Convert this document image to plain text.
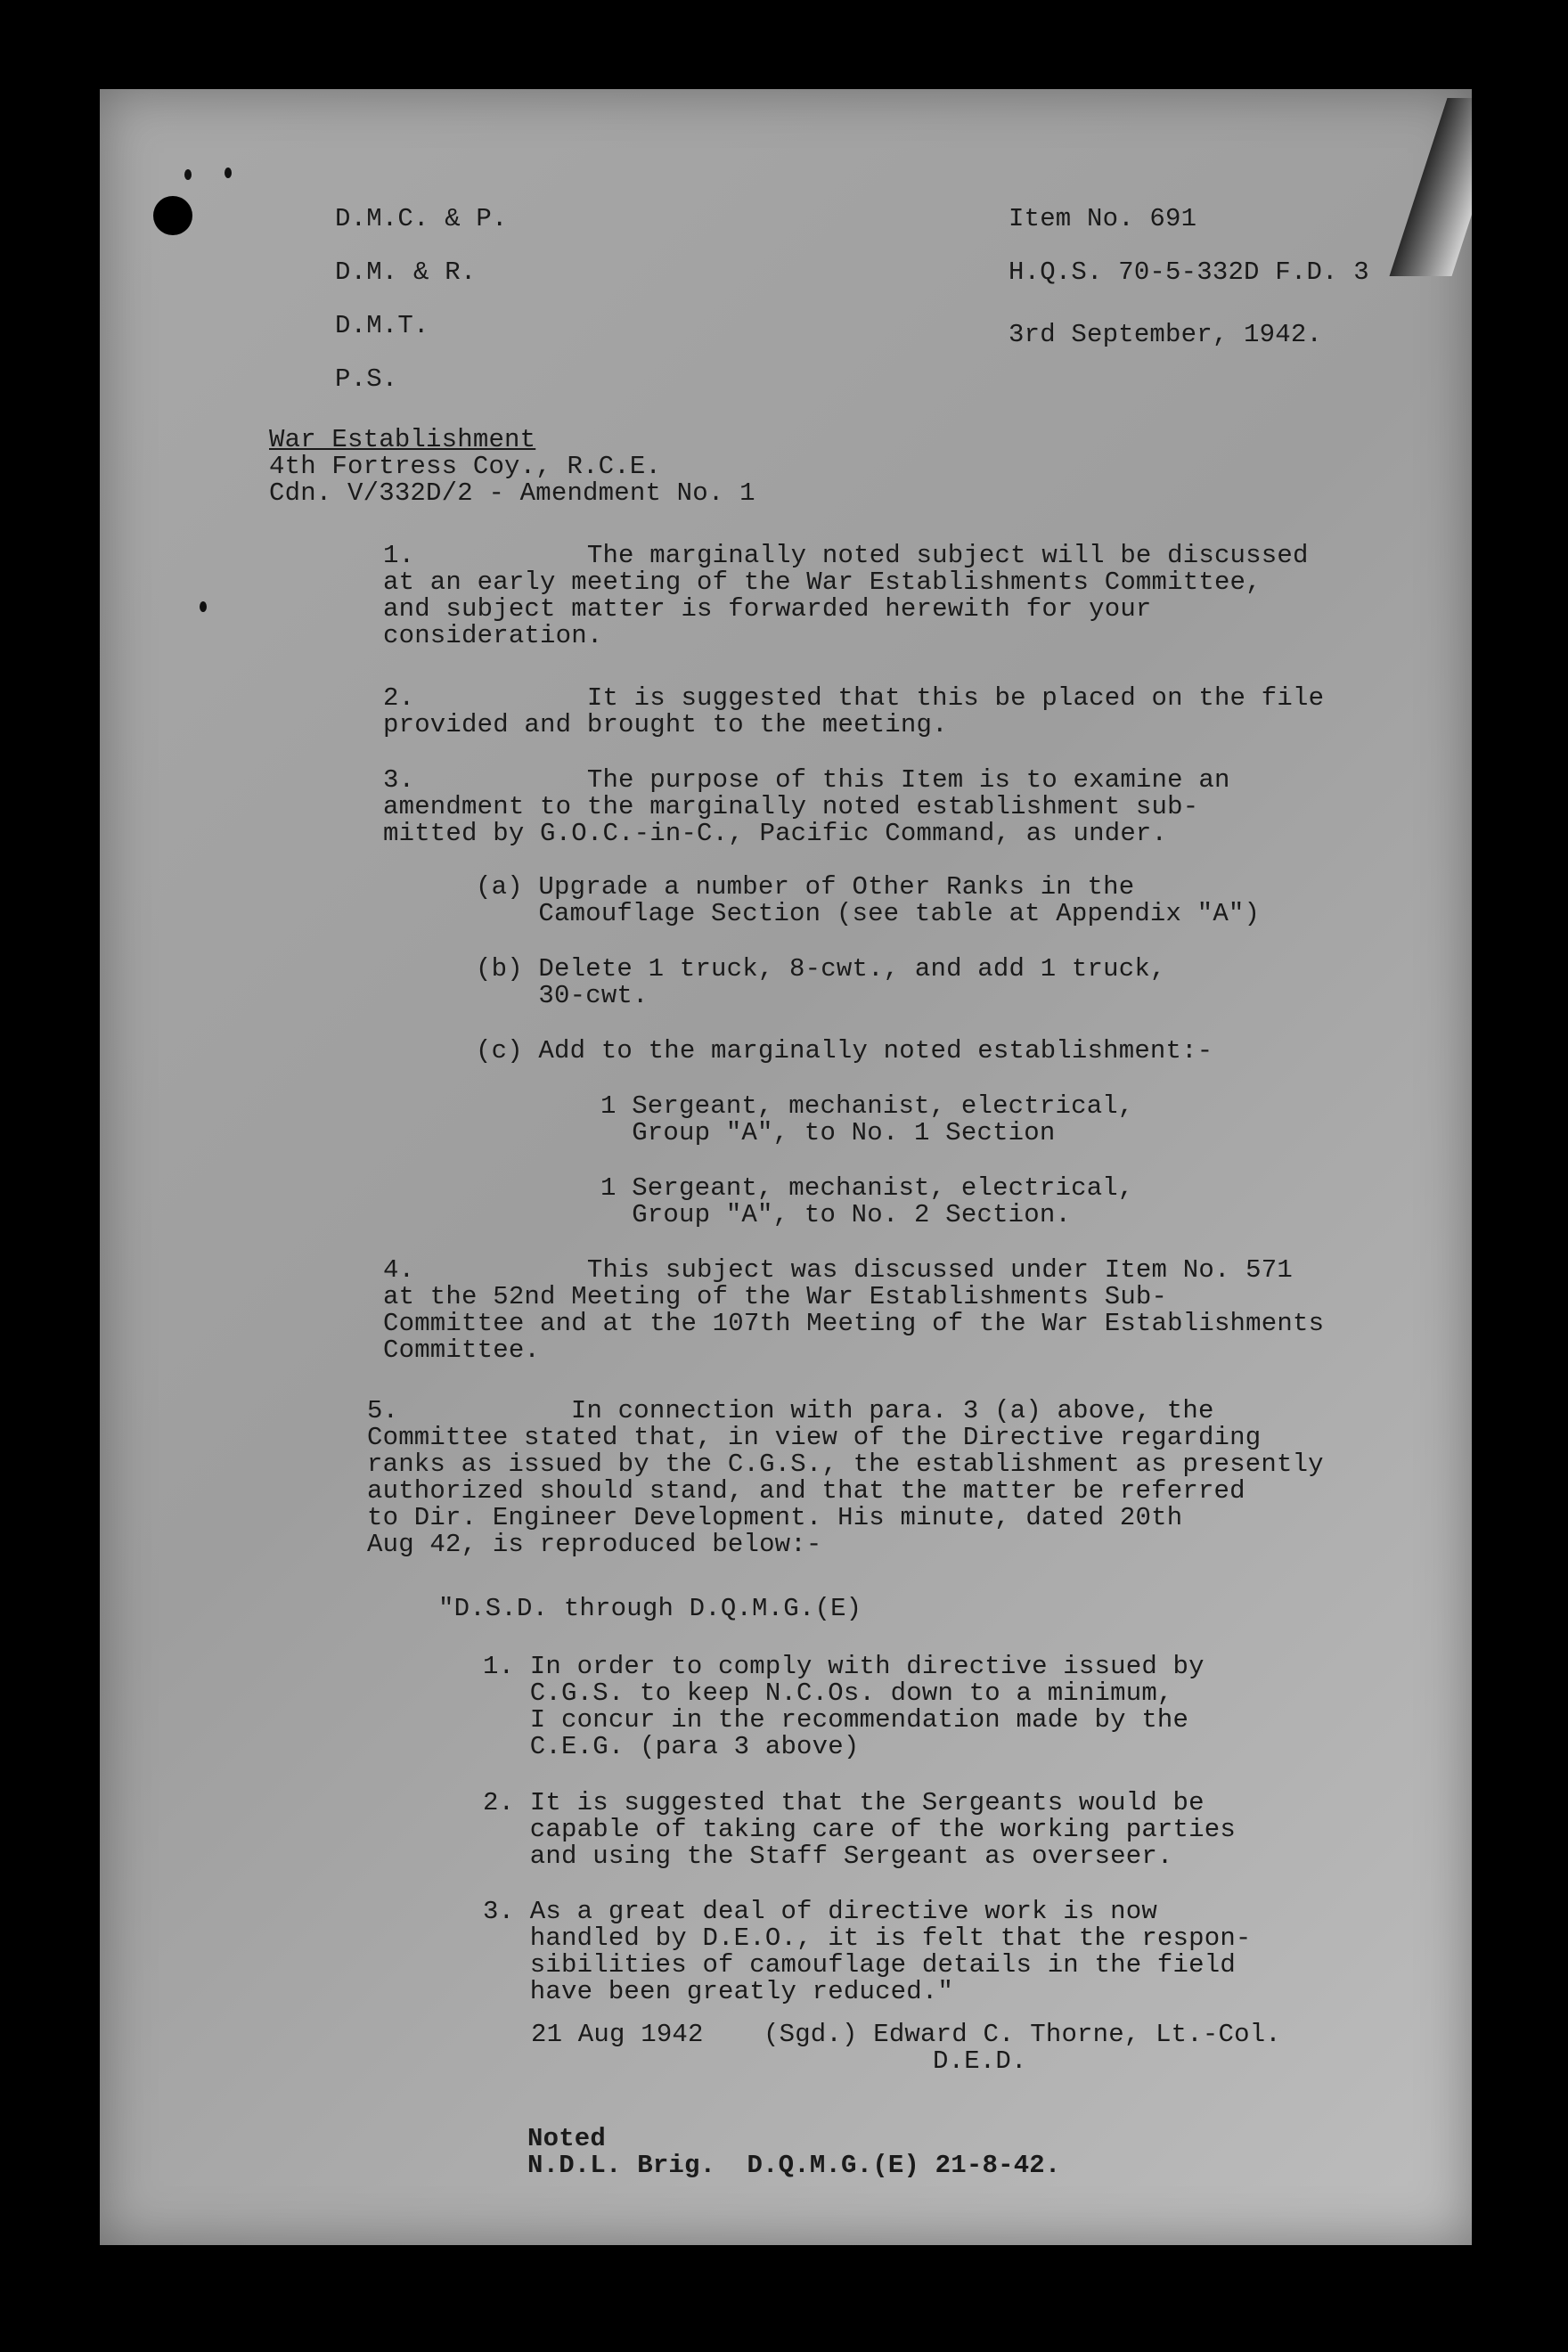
D.M.C. & P.
D.M. & R.
D.M.T.
P.S.
Item No. 691
H.Q.S. 70-5-332D F.D. 3
3rd September, 1942.
War Establishment
4th Fortress Coy., R.C.E.
Cdn. V/332D/2 - Amendment No. 1
1.           The marginally noted subject will be discussed
at an early meeting of the War Establishments Committee,
and subject matter is forwarded herewith for your
consideration.
2.           It is suggested that this be placed on the file
provided and brought to the meeting.
3.           The purpose of this Item is to examine an
amendment to the marginally noted establishment sub-
mitted by G.O.C.-in-C., Pacific Command, as under.
(a) Upgrade a number of Other Ranks in the
Camouflage Section (see table at Appendix "A")
(b) Delete 1 truck, 8-cwt., and add 1 truck,
30-cwt.
(c) Add to the marginally noted establishment:-
1 Sergeant, mechanist, electrical,
Group "A", to No. 1 Section
1 Sergeant, mechanist, electrical,
Group "A", to No. 2 Section.
4.           This subject was discussed under Item No. 571
at the 52nd Meeting of the War Establishments Sub-
Committee and at the 107th Meeting of the War Establishments
Committee.
5.           In connection with para. 3 (a) above, the
Committee stated that, in view of the Directive regarding
ranks as issued by the C.G.S., the establishment as presently
authorized should stand, and that the matter be referred
to Dir. Engineer Development. His minute, dated 20th
Aug 42, is reproduced below:-
"D.S.D. through D.Q.M.G.(E)
1. In order to comply with directive issued by
C.G.S. to keep N.C.Os. down to a minimum,
I concur in the recommendation made by the
C.E.G. (para 3 above)
2. It is suggested that the Sergeants would be
capable of taking care of the working parties
and using the Staff Sergeant as overseer.
3. As a great deal of directive work is now
handled by D.E.O., it is felt that the respon-
sibilities of camouflage details in the field
have been greatly reduced."
21 Aug 1942 (Sgd.) Edward C. Thorne, Lt.-Col.
D.E.D.
Noted
N.D.L. Brig.  D.Q.M.G.(E) 21-8-42.
